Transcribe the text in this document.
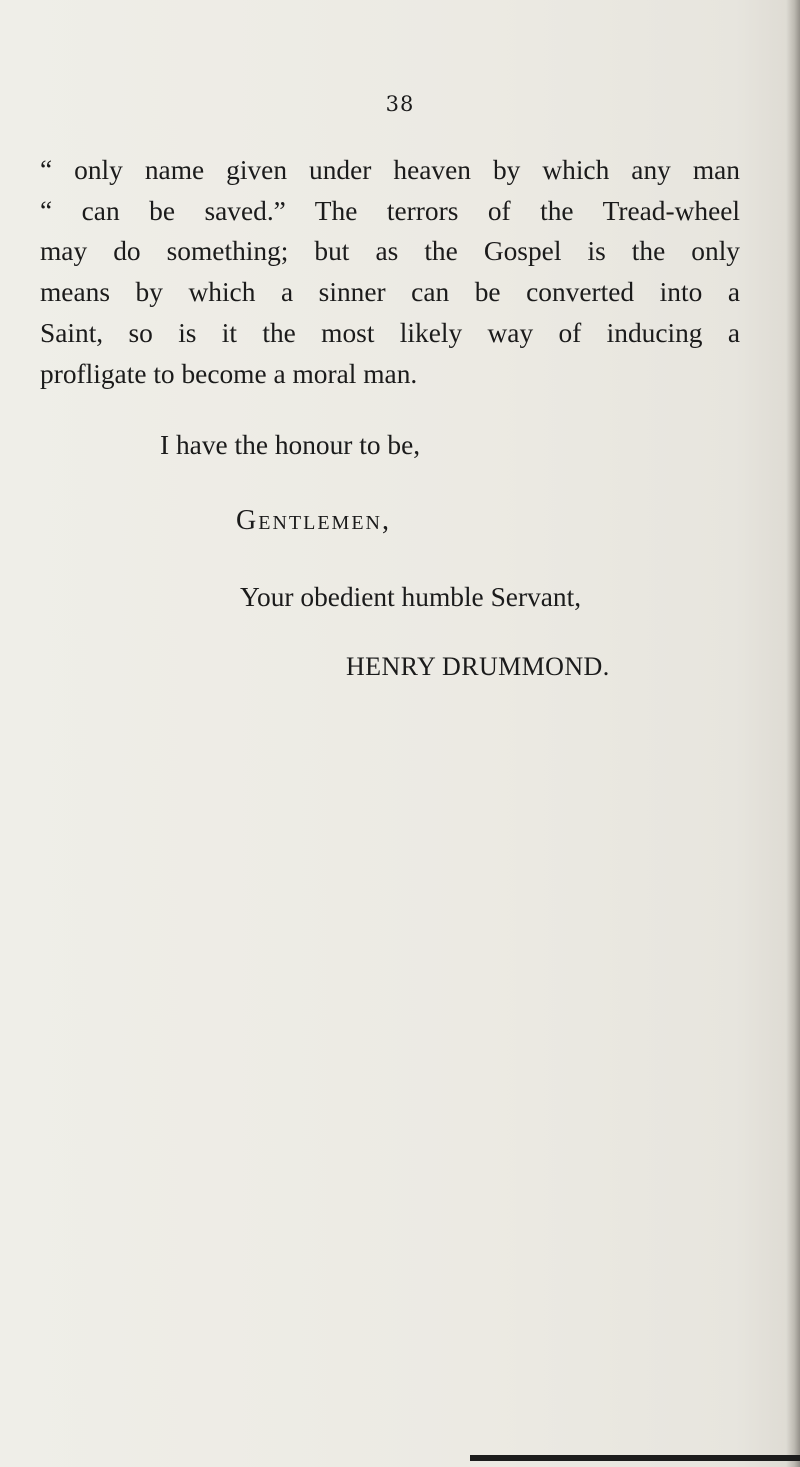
38

“ only name given under heaven by which any man
“ can be saved.” The terrors of the Tread-wheel
may do something; but as the Gospel is the only
means by which a sinner can be converted into a
Saint, so is it the most likely way of inducing a
profligate to become a moral man.

I have the honour to be,
Gentlemen,
Your obedient humble Servant,
HENRY DRUMMOND.
